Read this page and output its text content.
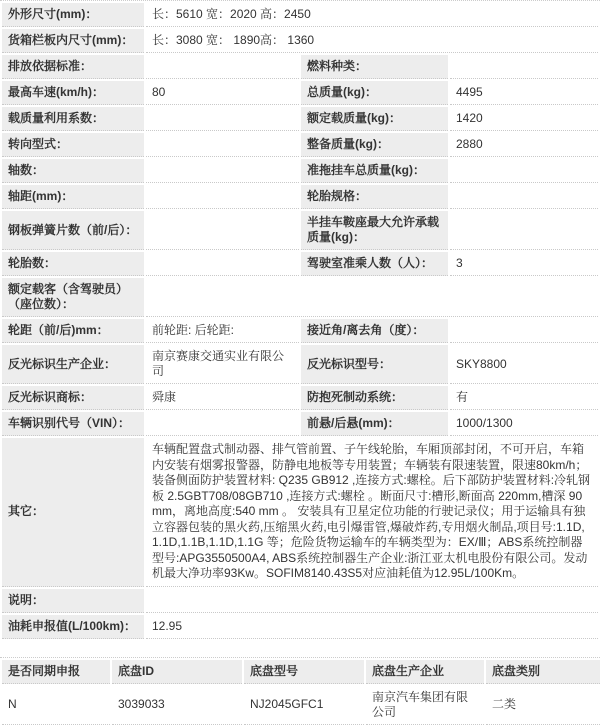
外形尺寸(mm)：	长：5610 宽：2020 高：2450		
货箱栏板内尺寸(mm)：	长：3080 宽： 1890高： 1360		
排放依据标准：		燃料种类：	
最高车速(km/h)：	80	总质量(kg)：	4495
载质量利用系数：		额定载质量(kg)：	1420
转向型式：		整备质量(kg)：	2880
轴数：		准拖挂车总质量(kg)：	
轴距(mm)：		轮胎规格：	
钢板弹簧片数（前/后）：		半挂车鞍座最大允许承载质量(kg)：	
轮胎数：		驾驶室准乘人数（人）：	3
额定载客（含驾驶员）（座位数）：			
轮距（前/后)mm：	前轮距: 后轮距:	接近角/离去角（度）：	
反光标识生产企业：	南京赛康交通实业有限公司	反光标识型号：	SKY8800
反光标识商标：	舜康	防抱死制动系统：	有
车辆识别代号（VIN）：		前悬/后悬(mm)：	1000/1300
其它：	车辆配置盘式制动器、排气管前置、子午线轮胎，车厢顶部封闭，不可开启，车箱内安装有烟雾报警器，防静电地板等专用装置；车辆装有限速装置，限速80km/h；装备侧面防护装置材料: Q235 GB912 ,连接方式:螺栓。后下部防护装置材料:冷轧钢板 2.5GBT708/08GB710 ,连接方式:螺栓 。断面尺寸:槽形,断面高 220mm,槽深 90 mm，离地高度:540 mm 。 安装具有卫星定位功能的行驶记录仪；用于运输具有独立容器包装的黑火药,压缩黑火药,电引爆雷管,爆破炸药,专用烟火制品,项目号:1.1D,1.1D,1.1B,1.1D,1.1G 等；危险货物运输车的车辆类型为：EX/Ⅲ；ABS系统控制器型号:APG3550500A4, ABS系统控制器生产企业:浙江亚太机电股份有限公司。发动机最大净功率93Kw。SOFIM8140.43S5对应油耗值为12.95L/100Km。		
说明：			
油耗申报值(L/100km)：	12.95		
是否同期申报	底盘ID	底盘型号	底盘生产企业	底盘类别
N	3039033	NJ2045GFC1	南京汽车集团有限公司	二类
